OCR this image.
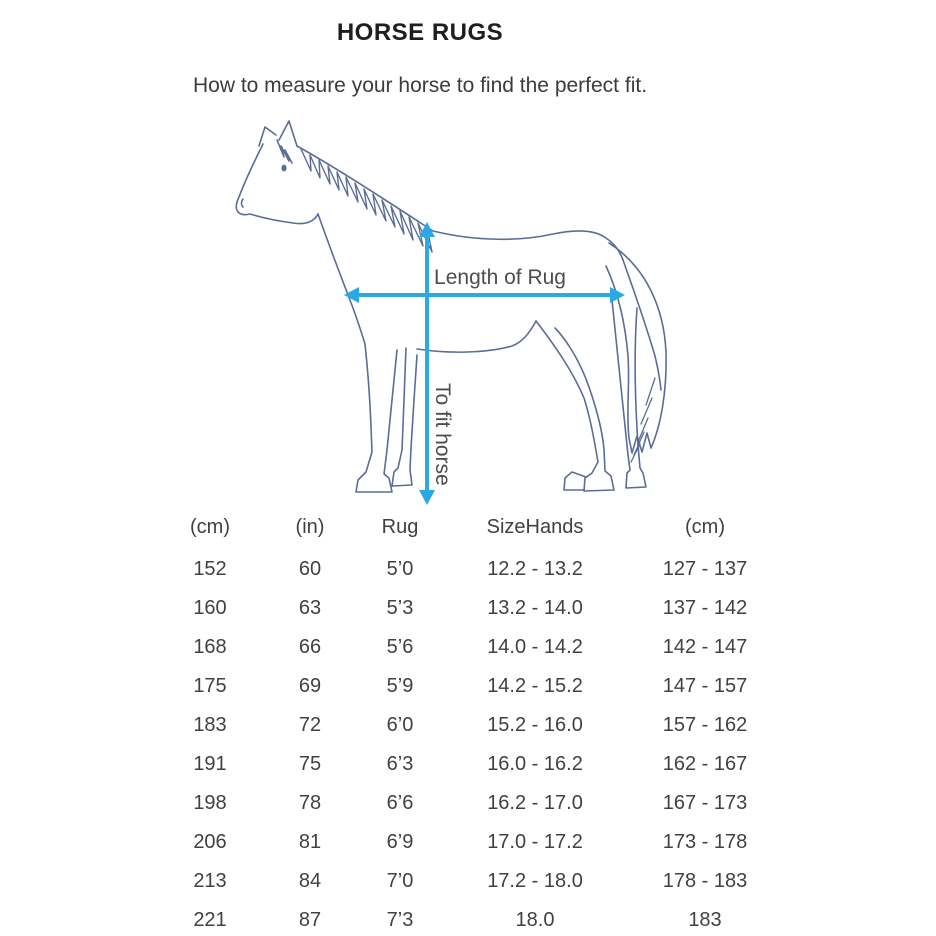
HORSE RUGS
How to measure your horse to find the perfect fit.
Length of Rug
To fit horse
(cm)	(in)	Rug	SizeHands	(cm)
152	60	5’0	12.2 - 13.2	127 - 137
160	63	5’3	13.2 - 14.0	137 - 142
168	66	5’6	14.0 - 14.2	142 - 147
175	69	5’9	14.2 - 15.2	147 - 157
183	72	6’0	15.2 - 16.0	157 - 162
191	75	6’3	16.0 - 16.2	162 - 167
198	78	6’6	16.2 - 17.0	167 - 173
206	81	6’9	17.0 - 17.2	173 - 178
213	84	7’0	17.2 - 18.0	178 - 183
221	87	7’3	18.0	183
